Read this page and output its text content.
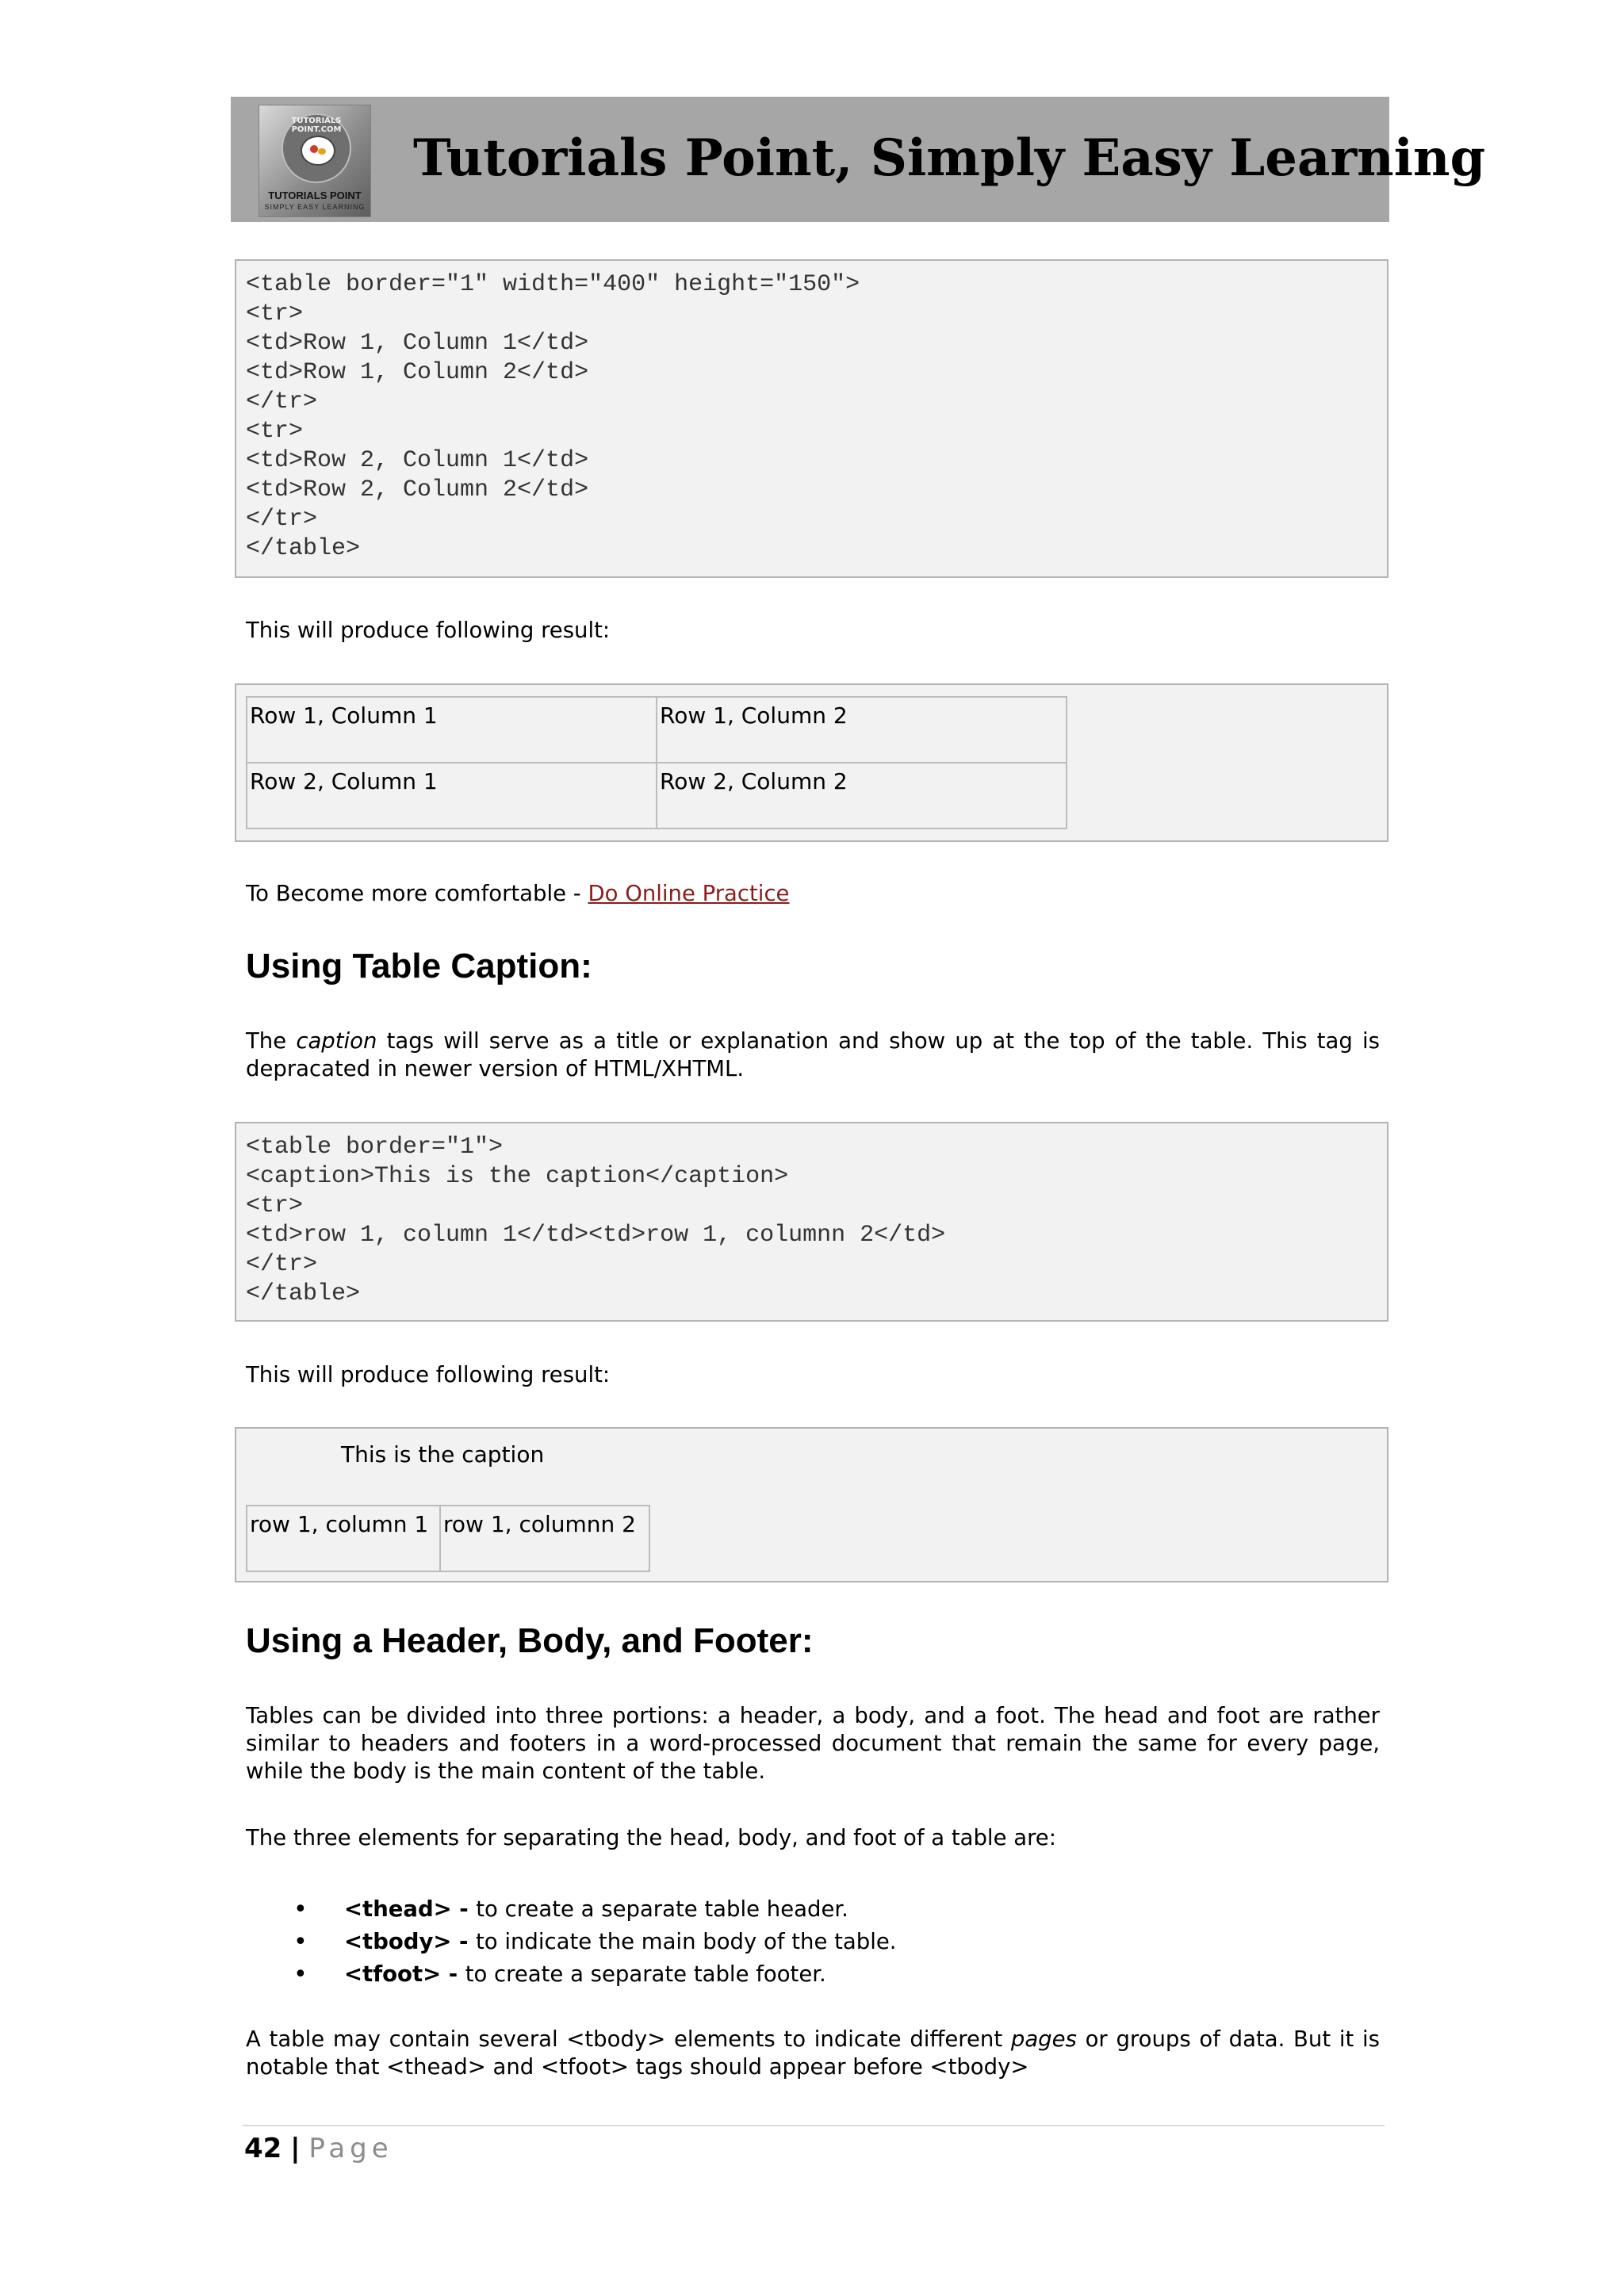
TUTORIALS POINT.COM
TUTORIALS POINT
SIMPLY EASY LEARNING
Tutorials Point, Simply Easy Learning
<table border="1" width="400" height="150">
<tr>
<td>Row 1, Column 1</td>
<td>Row 1, Column 2</td>
</tr>
<tr>
<td>Row 2, Column 1</td>
<td>Row 2, Column 2</td>
</tr>
</table>
This will produce following result:
Row 1, Column 1	Row 1, Column 2
Row 2, Column 1	Row 2, Column 2
To Become more comfortable - Do Online Practice
Using Table Caption:
The caption tags will serve as a title or explanation and show up at the top of the table. This tag is depracated in newer version of HTML/XHTML.
<table border="1">
<caption>This is the caption</caption>
<tr>
<td>row 1, column 1</td><td>row 1, columnn 2</td>
</tr>
</table>
This will produce following result:
This is the caption
row 1, column 1	row 1, columnn 2
Using a Header, Body, and Footer:
Tables can be divided into three portions: a header, a body, and a foot. The head and foot are rather similar to headers and footers in a word-processed document that remain the same for every page, while the body is the main content of the table.
The three elements for separating the head, body, and foot of a table are:
• <thead> - to create a separate table header.
• <tbody> - to indicate the main body of the table.
• <tfoot> - to create a separate table footer.
A table may contain several <tbody> elements to indicate different pages or groups of data. But it is notable that <thead> and <tfoot> tags should appear before <tbody>
42 | Page
